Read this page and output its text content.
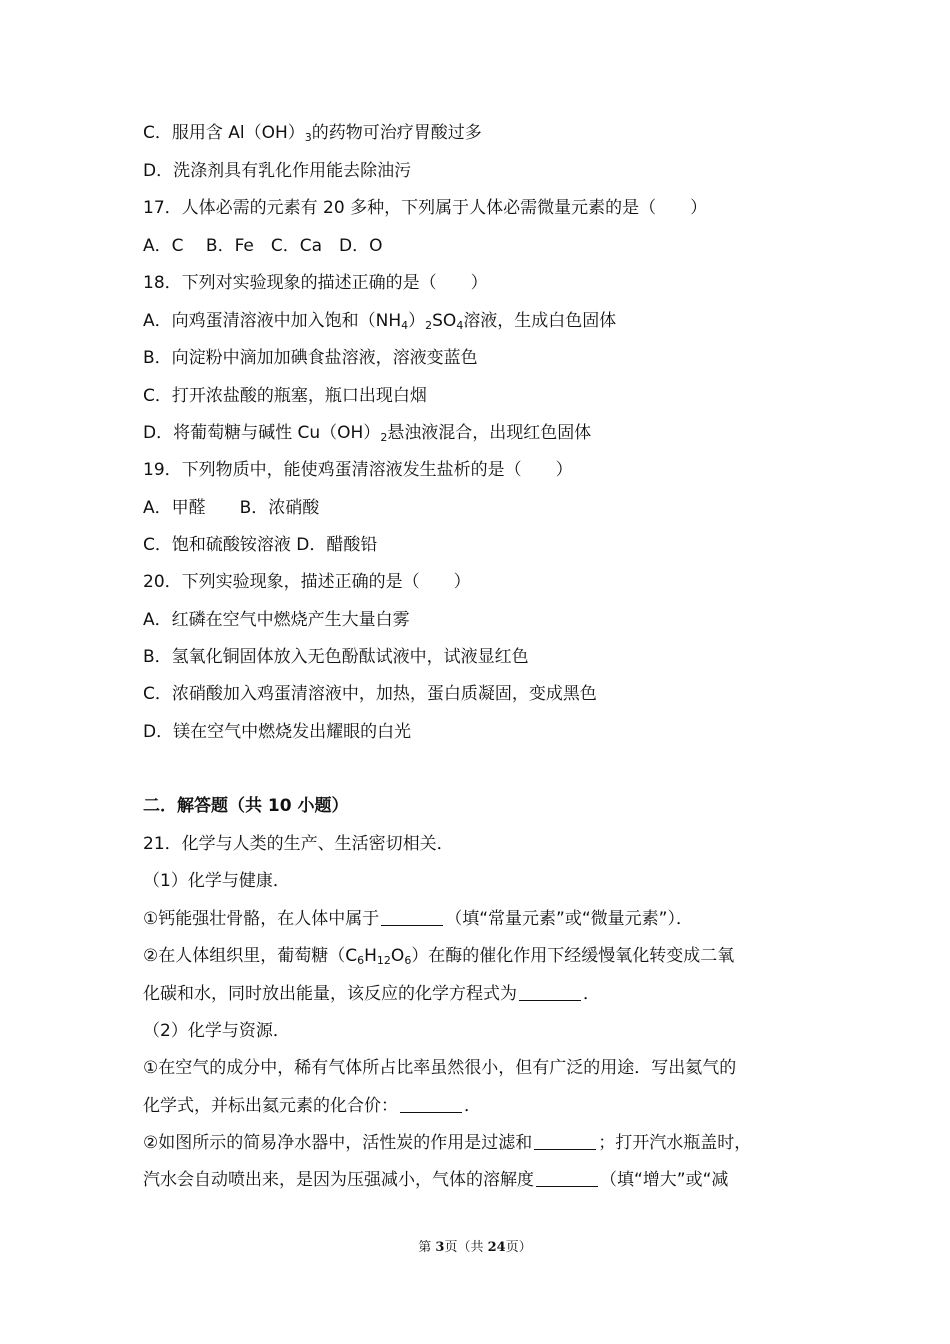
C．服用含 $Al(OH)_3$的药物可治疗胃酸过多
D．洗涤剂具有乳化作用能去除油污
17．人体必需的元素有 20 多种，下列属于人体必需微量元素的是（　　）
A．C　 B．Fe　C．Ca　D．O
18．下列对实验现象的描述正确的是（　　）
A．向鸡蛋清溶液中加入饱和$(NH_4)_2SO_4$溶液，生成白色固体
B．向淀粉中滴加加碘食盐溶液，溶液变蓝色
C．打开浓盐酸的瓶塞，瓶口出现白烟
D．将葡萄糖与碱性 $Cu(OH)_2$悬浊液混合，出现红色固体
19．下列物质中，能使鸡蛋清溶液发生盐析的是（　　）
A．甲醛　　B．浓硝酸
C．饱和硫酸铵溶液 D．醋酸铅
20．下列实验现象，描述正确的是（　　）
A．红磷在空气中燃烧产生大量白雾
B．氢氧化铜固体放入无色酚酞试液中，试液显红色
C．浓硝酸加入鸡蛋清溶液中，加热，蛋白质凝固，变成黑色
D．镁在空气中燃烧发出耀眼的白光
二．解答题（共 10 小题）
21．化学与人类的生产、生活密切相关．
（1）化学与健康．
①钙能强壮骨骼，在人体中属于	（填“常量元素”或“微量元素”）．
②在人体组织里，葡萄糖$(C_6H_{12}O_6)$在酶的催化作用下经缓慢氧化转变成二氧
化碳和水，同时放出能量，该反应的化学方程式为	．
（2）化学与资源．
①在空气的成分中，稀有气体所占比率虽然很小，但有广泛的用途．写出氦气的
化学式，并标出氦元素的化合价：	．
②如图所示的简易净水器中，活性炭的作用是过滤和	；打开汽水瓶盖时，
汽水会自动喷出来，是因为压强减小，气体的溶解度	（填“增大”或“减
第 3页（共 24页）
